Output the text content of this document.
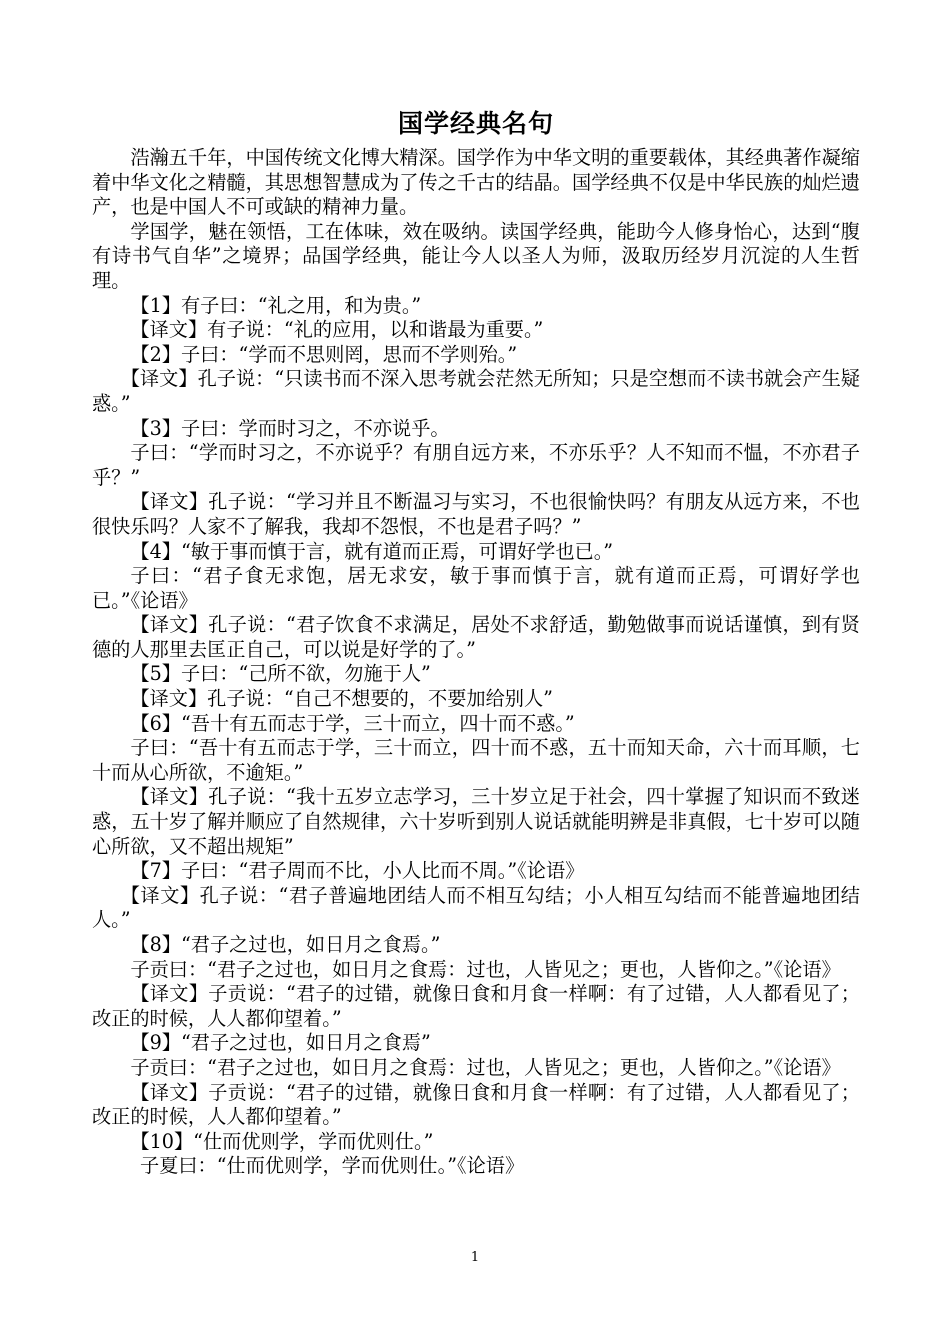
国学经典名句

浩瀚五千年，中国传统文化博大精深。国学作为中华文明的重要载体，其经典著作凝缩着中华文化之精髓，其思想智慧成为了传之千古的结晶。国学经典不仅是中华民族的灿烂遗产，也是中国人不可或缺的精神力量。

学国学，魅在领悟，工在体味，效在吸纳。读国学经典，能助今人修身怡心，达到“腹有诗书气自华”之境界；品国学经典，能让今人以圣人为师，汲取历经岁月沉淀的人生哲理。

【1】有子曰：“礼之用，和为贵。”

【译文】有子说：“礼的应用，以和谐最为重要。”

【2】子曰：“学而不思则罔，思而不学则殆。”

【译文】孔子说：“只读书而不深入思考就会茫然无所知；只是空想而不读书就会产生疑惑。”

【3】子曰：学而时习之，不亦说乎。

子曰：“学而时习之，不亦说乎？有朋自远方来，不亦乐乎？人不知而不愠，不亦君子乎？”

【译文】孔子说：“学习并且不断温习与实习，不也很愉快吗？有朋友从远方来，不也很快乐吗？人家不了解我，我却不怨恨，不也是君子吗？”

【4】“敏于事而慎于言，就有道而正焉，可谓好学也已。”

子曰：“君子食无求饱，居无求安，敏于事而慎于言，就有道而正焉，可谓好学也已。”《论语》

【译文】孔子说：“君子饮食不求满足，居处不求舒适，勤勉做事而说话谨慎，到有贤德的人那里去匡正自己，可以说是好学的了。”

【5】子曰：“己所不欲，勿施于人”

【译文】孔子说：“自己不想要的，不要加给别人”

【6】“吾十有五而志于学，三十而立，四十而不惑。”

子曰：“吾十有五而志于学，三十而立，四十而不惑，五十而知天命，六十而耳顺，七十而从心所欲，不逾矩。”

【译文】孔子说：“我十五岁立志学习，三十岁立足于社会，四十掌握了知识而不致迷惑，五十岁了解并顺应了自然规律，六十岁听到别人说话就能明辨是非真假，七十岁可以随心所欲，又不超出规矩”

【7】子曰：“君子周而不比，小人比而不周。”《论语》

【译文】孔子说：“君子普遍地团结人而不相互勾结；小人相互勾结而不能普遍地团结人。”

【8】“君子之过也，如日月之食焉。”

子贡曰：“君子之过也，如日月之食焉：过也，人皆见之；更也，人皆仰之。”《论语》

【译文】子贡说：“君子的过错，就像日食和月食一样啊：有了过错，人人都看见了；改正的时候，人人都仰望着。”

【9】“君子之过也，如日月之食焉”

子贡曰：“君子之过也，如日月之食焉：过也，人皆见之；更也，人皆仰之。”《论语》

【译文】子贡说：“君子的过错，就像日食和月食一样啊：有了过错，人人都看见了；改正的时候，人人都仰望着。”

【10】“仕而优则学，学而优则仕。”

子夏曰：“仕而优则学，学而优则仕。”《论语》

1
